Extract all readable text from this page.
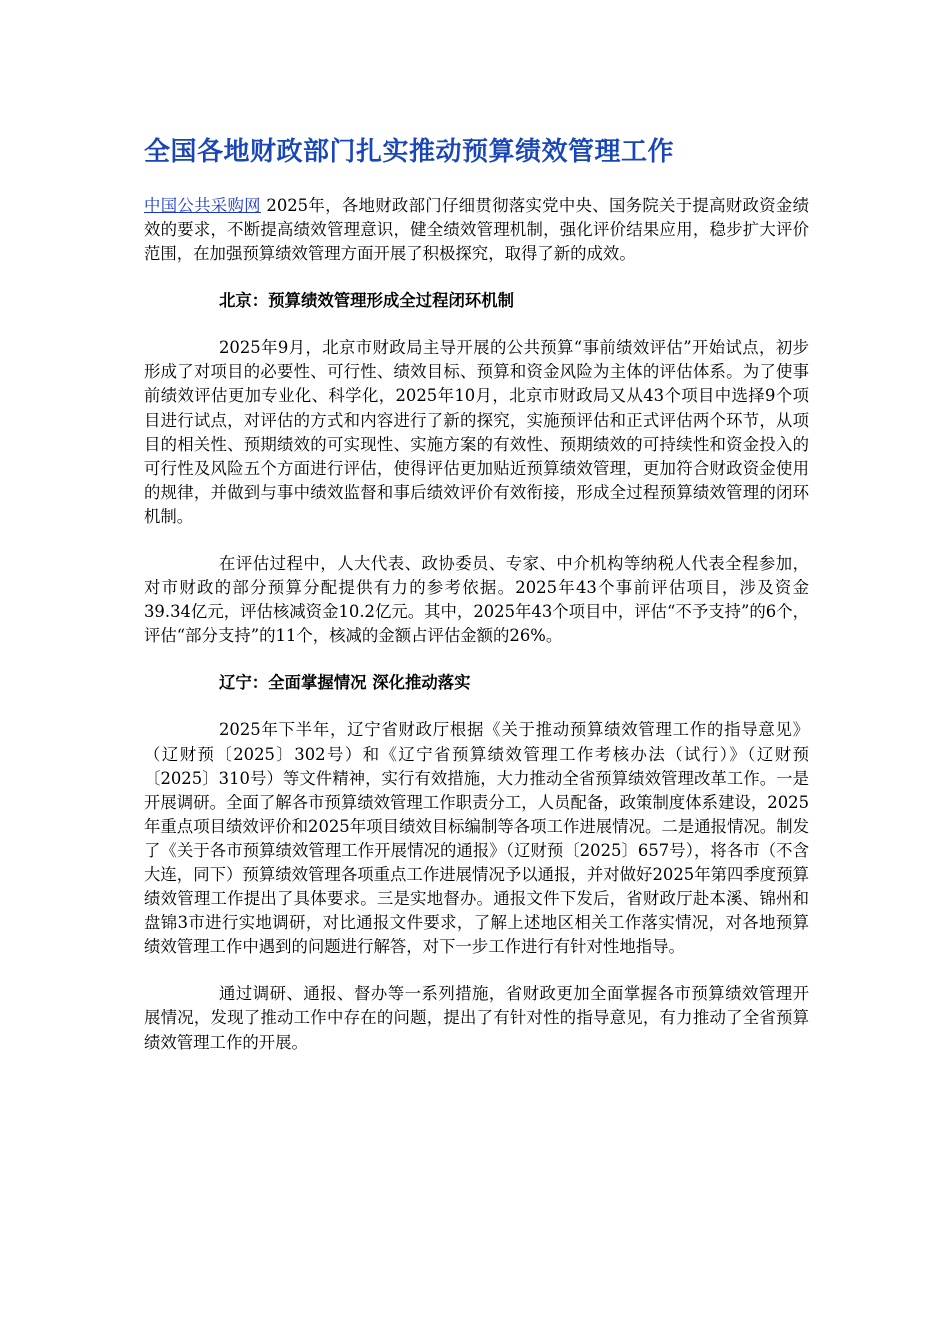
全国各地财政部门扎实推动预算绩效管理工作

中国公共采购网 2025年，各地财政部门仔细贯彻落实党中央、国务院关于提高财政资金绩效的要求，不断提高绩效管理意识，健全绩效管理机制，强化评价结果应用，稳步扩大评价范围，在加强预算绩效管理方面开展了积极探究，取得了新的成效。

北京：预算绩效管理形成全过程闭环机制

2025年9月，北京市财政局主导开展的公共预算“事前绩效评估”开始试点，初步形成了对项目的必要性、可行性、绩效目标、预算和资金风险为主体的评估体系。为了使事前绩效评估更加专业化、科学化，2025年10月，北京市财政局又从43个项目中选择9个项目进行试点，对评估的方式和内容进行了新的探究，实施预评估和正式评估两个环节，从项目的相关性、预期绩效的可实现性、实施方案的有效性、预期绩效的可持续性和资金投入的可行性及风险五个方面进行评估，使得评估更加贴近预算绩效管理，更加符合财政资金使用的规律，并做到与事中绩效监督和事后绩效评价有效衔接，形成全过程预算绩效管理的闭环机制。

在评估过程中，人大代表、政协委员、专家、中介机构等纳税人代表全程参加，对市财政的部分预算分配提供有力的参考依据。2025年43个事前评估项目，涉及资金39.34亿元，评估核减资金10.2亿元。其中，2025年43个项目中，评估“不予支持”的6个，评估“部分支持”的11个，核减的金额占评估金额的26%。

辽宁：全面掌握情况 深化推动落实

2025年下半年，辽宁省财政厅根据《关于推动预算绩效管理工作的指导意见》（辽财预〔2025〕302号）和《辽宁省预算绩效管理工作考核办法（试行）》（辽财预〔2025〕310号）等文件精神，实行有效措施，大力推动全省预算绩效管理改革工作。一是开展调研。全面了解各市预算绩效管理工作职责分工，人员配备，政策制度体系建设，2025年重点项目绩效评价和2025年项目绩效目标编制等各项工作进展情况。二是通报情况。制发了《关于各市预算绩效管理工作开展情况的通报》（辽财预〔2025〕657号），将各市（不含大连，同下）预算绩效管理各项重点工作进展情况予以通报，并对做好2025年第四季度预算绩效管理工作提出了具体要求。三是实地督办。通报文件下发后，省财政厅赴本溪、锦州和盘锦3市进行实地调研，对比通报文件要求，了解上述地区相关工作落实情况，对各地预算绩效管理工作中遇到的问题进行解答，对下一步工作进行有针对性地指导。

通过调研、通报、督办等一系列措施，省财政更加全面掌握各市预算绩效管理开展情况，发现了推动工作中存在的问题，提出了有针对性的指导意见，有力推动了全省预算绩效管理工作的开展。
